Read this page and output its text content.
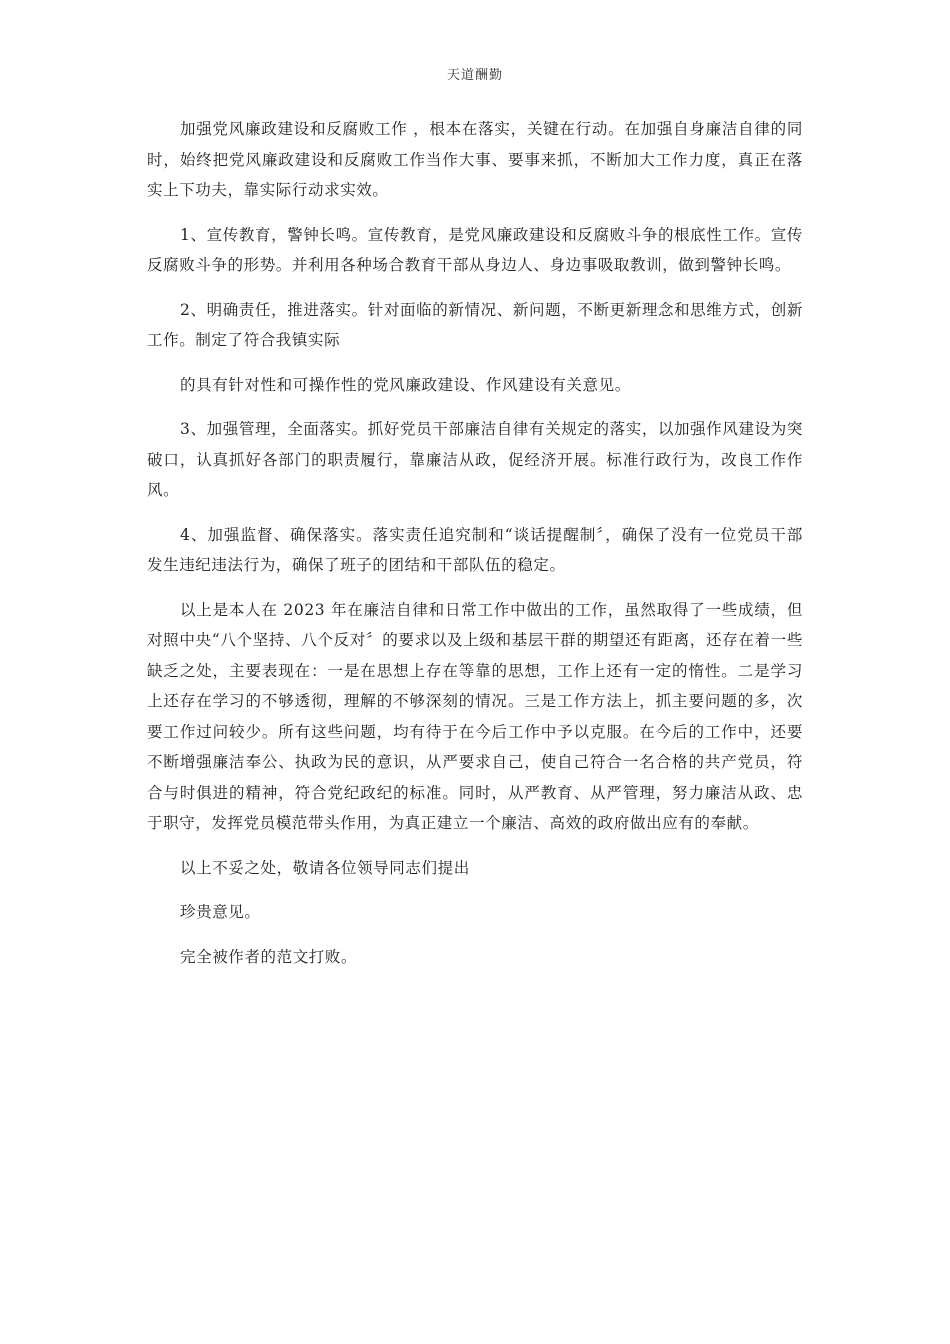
天道酬勤

加强党风廉政建设和反腐败工作 ，根本在落实，关键在行动。在加强自身廉洁自律的同时，始终把党风廉政建设和反腐败工作当作大事、要事来抓，不断加大工作力度，真正在落实上下功夫，靠实际行动求实效。

1、宣传教育，警钟长鸣。宣传教育，是党风廉政建设和反腐败斗争的根底性工作。宣传反腐败斗争的形势。并利用各种场合教育干部从身边人、身边事吸取教训，做到警钟长鸣。

2、明确责任，推进落实。针对面临的新情况、新问题，不断更新理念和思维方式，创新工作。制定了符合我镇实际

的具有针对性和可操作性的党风廉政建设、作风建设有关意见。

3、加强管理，全面落实。抓好党员干部廉洁自律有关规定的落实，以加强作风建设为突破口，认真抓好各部门的职责履行，靠廉洁从政，促经济开展。标准行政行为，改良工作作风。

4、加强监督、确保落实。落实责任追究制和“谈话提醒制〞，确保了没有一位党员干部发生违纪违法行为，确保了班子的团结和干部队伍的稳定。

以上是本人在 2023 年在廉洁自律和日常工作中做出的工作，虽然取得了一些成绩，但对照中央“八个坚持、八个反对〞的要求以及上级和基层干群的期望还有距离，还存在着一些缺乏之处，主要表现在：一是在思想上存在等靠的思想，工作上还有一定的惰性。二是学习上还存在学习的不够透彻，理解的不够深刻的情况。三是工作方法上，抓主要问题的多，次要工作过问较少。所有这些问题，均有待于在今后工作中予以克服。在今后的工作中，还要不断增强廉洁奉公、执政为民的意识，从严要求自己，使自己符合一名合格的共产党员，符合与时俱进的精神，符合党纪政纪的标准。同时，从严教育、从严管理，努力廉洁从政、忠于职守，发挥党员模范带头作用，为真正建立一个廉洁、高效的政府做出应有的奉献。

以上不妥之处，敬请各位领导同志们提出

珍贵意见。

完全被作者的范文打败。
